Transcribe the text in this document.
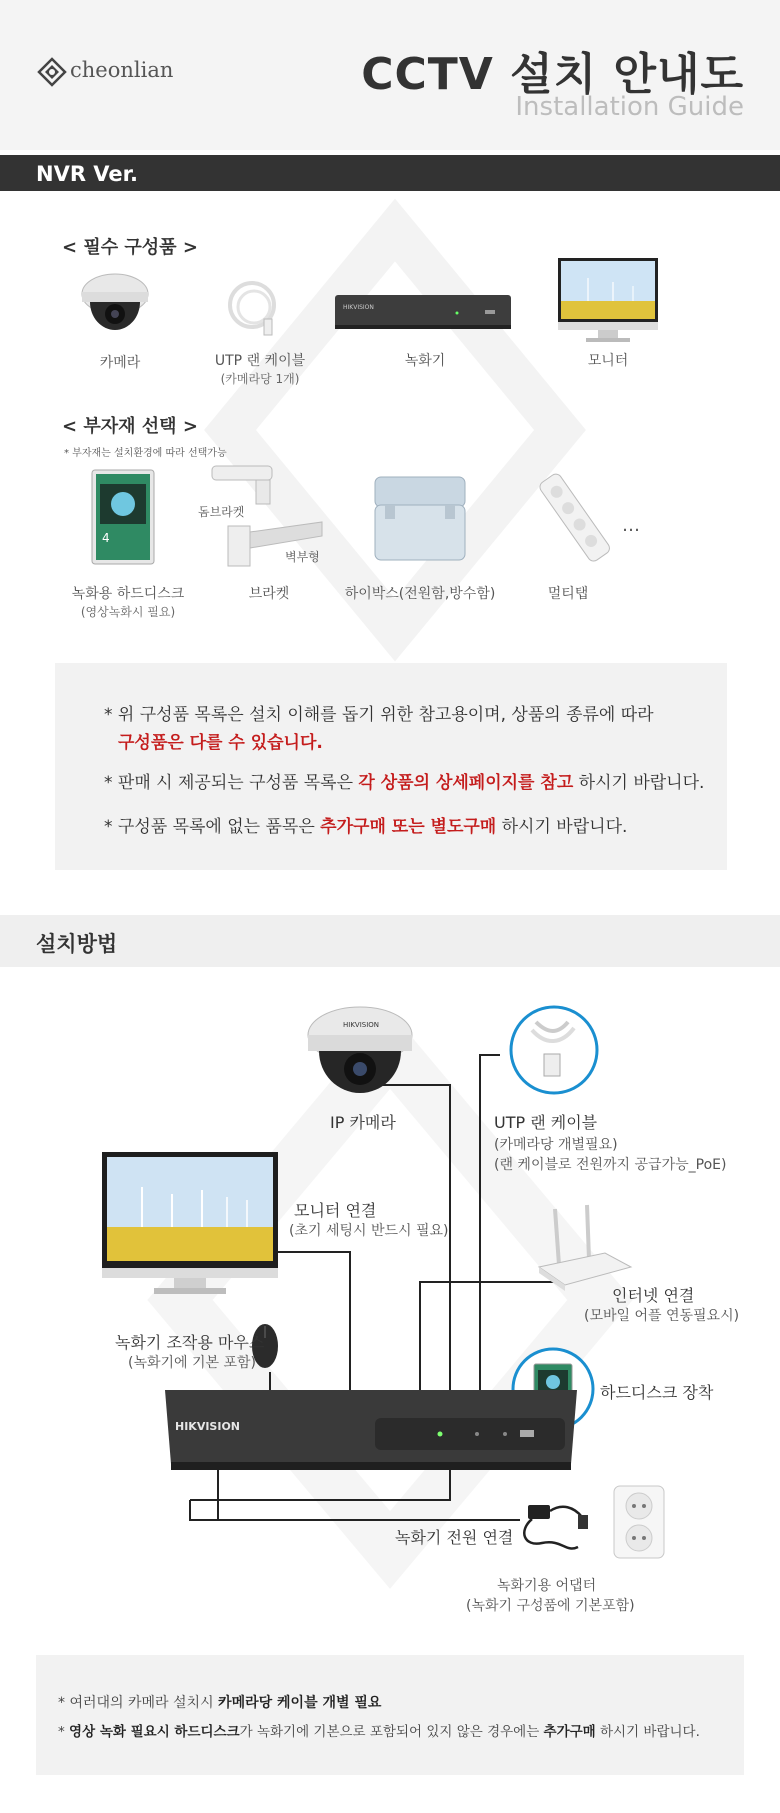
cheonlian	CCTV 설치 안내도
Installation Guide
NVR Ver.
< 필수 구성품 >
카메라	UTP 랜 케이블
(카메라당 1개)
HIKVISION
녹화기	모니터
< 부자재 선택 >
* 부자재는 설치환경에 따라 선택가능
4
녹화용 하드디스크
(영상녹화시 필요)
돔브라켓
벽부형
브라켓	하이박스(전원함,방수함)
…
멀티탭
* 위 구성품 목록은 설치 이해를 돕기 위한 참고용이며, 상품의 종류에 따라
구성품은 다를 수 있습니다.
* 판매 시 제공되는 구성품 목록은 각 상품의 상세페이지를 참고 하시기 바랍니다.
* 구성품 목록에 없는 품목은 추가구매 또는 별도구매 하시기 바랍니다.
설치방법
HIKVISION
IP 카메라	UTP 랜 케이블
(카메라당 개별필요)
(랜 케이블로 전원까지 공급가능_PoE)
모니터 연결
(초기 세팅시 반드시 필요)
인터넷 연결
(모바일 어플 연동필요시)
녹화기 조작용 마우스
(녹화기에 기본 포함)
하드디스크 장착
HIKVISION
녹화기 전원 연결
녹화기용 어댑터
(녹화기 구성품에 기본포함)
* 여러대의 카메라 설치시 카메라당 케이블 개별 필요
* 영상 녹화 필요시 하드디스크가 녹화기에 기본으로 포함되어 있지 않은 경우에는 추가구매 하시기 바랍니다.
